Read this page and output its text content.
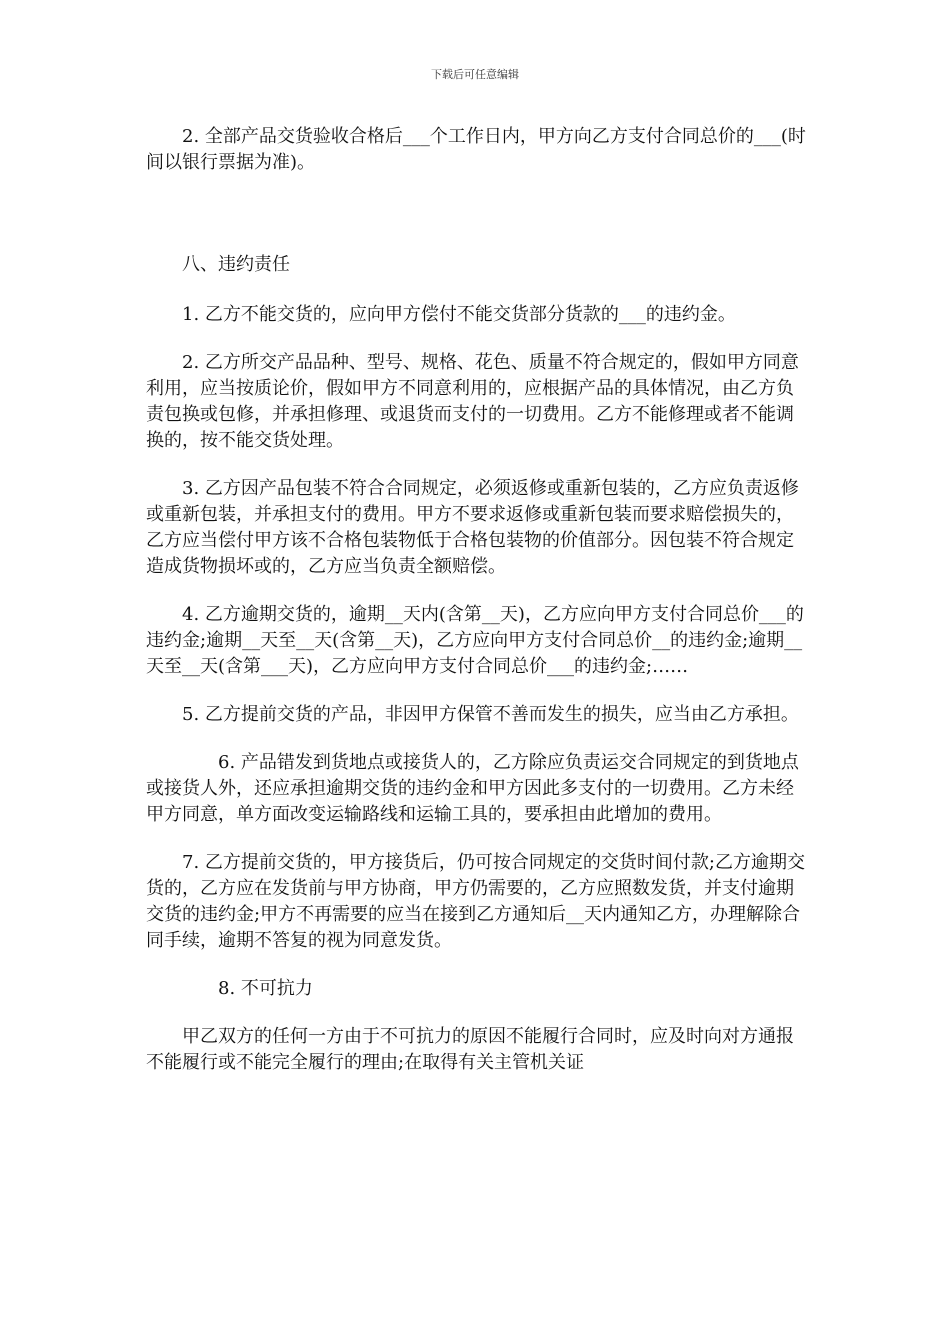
下载后可任意编辑

2. 全部产品交货验收合格后___个工作日内，甲方向乙方支付合同总价的___(时间以银行票据为准)。

八、违约责任

1. 乙方不能交货的，应向甲方偿付不能交货部分货款的___的违约金。

2. 乙方所交产品品种、型号、规格、花色、质量不符合规定的，假如甲方同意利用，应当按质论价，假如甲方不同意利用的，应根据产品的具体情况，由乙方负责包换或包修，并承担修理、或退货而支付的一切费用。乙方不能修理或者不能调换的，按不能交货处理。

3. 乙方因产品包装不符合合同规定，必须返修或重新包装的，乙方应负责返修或重新包装，并承担支付的费用。甲方不要求返修或重新包装而要求赔偿损失的，乙方应当偿付甲方该不合格包装物低于合格包装物的价值部分。因包装不符合规定造成货物损坏或的，乙方应当负责全额赔偿。

4. 乙方逾期交货的，逾期__天内(含第__天)，乙方应向甲方支付合同总价___的违约金;逾期__天至__天(含第__天)，乙方应向甲方支付合同总价__的违约金;逾期__天至__天(含第___天)，乙方应向甲方支付合同总价___的违约金;……

5. 乙方提前交货的产品，非因甲方保管不善而发生的损失，应当由乙方承担。

6. 产品错发到货地点或接货人的，乙方除应负责运交合同规定的到货地点或接货人外，还应承担逾期交货的违约金和甲方因此多支付的一切费用。乙方未经甲方同意，单方面改变运输路线和运输工具的，要承担由此增加的费用。

7. 乙方提前交货的，甲方接货后，仍可按合同规定的交货时间付款;乙方逾期交货的，乙方应在发货前与甲方协商，甲方仍需要的，乙方应照数发货，并支付逾期交货的违约金;甲方不再需要的应当在接到乙方通知后__天内通知乙方，办理解除合同手续，逾期不答复的视为同意发货。

8. 不可抗力

甲乙双方的任何一方由于不可抗力的原因不能履行合同时，应及时向对方通报不能履行或不能完全履行的理由;在取得有关主管机关证
